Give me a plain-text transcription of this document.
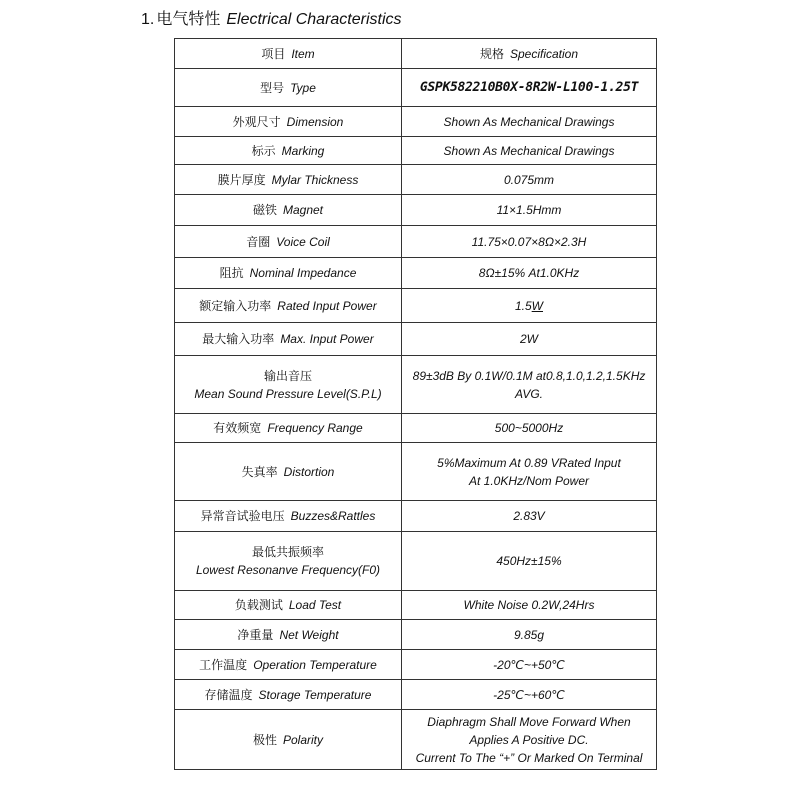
1. 电气特性 Electrical Characteristics
项目 Item	规格 Specification
型号 Type	GSPK582210B0X-8R2W-L100-1.25T
外观尺寸 Dimension	Shown As Mechanical Drawings
标示 Marking	Shown As Mechanical Drawings
膜片厚度 Mylar Thickness	0.075mm
磁铁 Magnet	11×1.5Hmm
音圈 Voice Coil	11.75×0.07×8Ω×2.3H
阻抗 Nominal Impedance	8Ω±15% At1.0KHz
额定输入功率 Rated Input Power	1.5W
最大输入功率 Max. Input Power	2W

输出音压
Mean Sound Pressure Level(S.P.L)	89±3dB By 0.1W/0.1M at0.8,1.0,1.2,1.5KHz
AVG.

有效频宽 Frequency Range	500~5000Hz
失真率 Distortion	5%Maximum At 0.89 VRated Input
At 1.0KHz/Nom Power

异常音试验电压 Buzzes&Rattles	2.83V

最低共振频率
Lowest Resonanve Frequency(F0)	450Hz±15%
负载测试 Load Test	White Noise 0.2W,24Hrs
净重量 Net Weight	9.85g
工作温度 Operation Temperature	-20℃~+50℃
存储温度 Storage Temperature	-25℃~+60℃
极性 Polarity	Diaphragm Shall Move Forward When
Applies A Positive DC.
Current To The “+” Or Marked On Terminal
